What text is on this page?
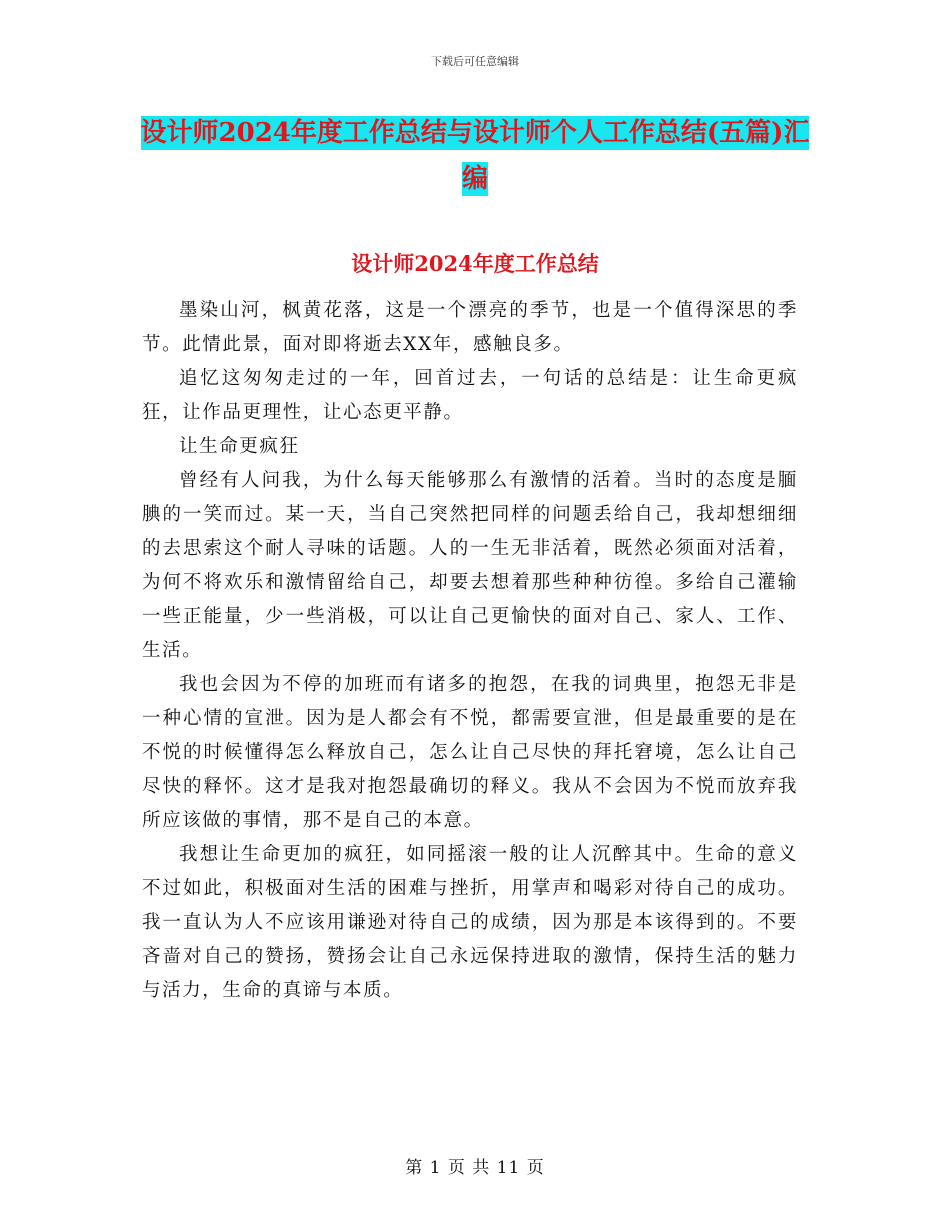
下载后可任意编辑
设计师2024年度工作总结与设计师个人工作总结(五篇)汇编
设计师2024年度工作总结

墨染山河，枫黄花落，这是一个漂亮的季节，也是一个值得深思的季节。此情此景，面对即将逝去XX年，感触良多。

追忆这匆匆走过的一年，回首过去，一句话的总结是：让生命更疯狂，让作品更理性，让心态更平静。

让生命更疯狂

曾经有人问我，为什么每天能够那么有激情的活着。当时的态度是腼腆的一笑而过。某一天，当自己突然把同样的问题丢给自己，我却想细细的去思索这个耐人寻味的话题。人的一生无非活着，既然必须面对活着，为何不将欢乐和激情留给自己，却要去想着那些种种彷徨。多给自己灌输一些正能量，少一些消极，可以让自己更愉快的面对自己、家人、工作、生活。

我也会因为不停的加班而有诸多的抱怨，在我的词典里，抱怨无非是一种心情的宣泄。因为是人都会有不悦，都需要宣泄，但是最重要的是在不悦的时候懂得怎么释放自己，怎么让自己尽快的拜托窘境，怎么让自己尽快的释怀。这才是我对抱怨最确切的释义。我从不会因为不悦而放弃我所应该做的事情，那不是自己的本意。

我想让生命更加的疯狂，如同摇滚一般的让人沉醉其中。生命的意义不过如此，积极面对生活的困难与挫折，用掌声和喝彩对待自己的成功。我一直认为人不应该用谦逊对待自己的成绩，因为那是本该得到的。不要吝啬对自己的赞扬，赞扬会让自己永远保持进取的激情，保持生活的魅力与活力，生命的真谛与本质。

第 1 页 共 11 页
